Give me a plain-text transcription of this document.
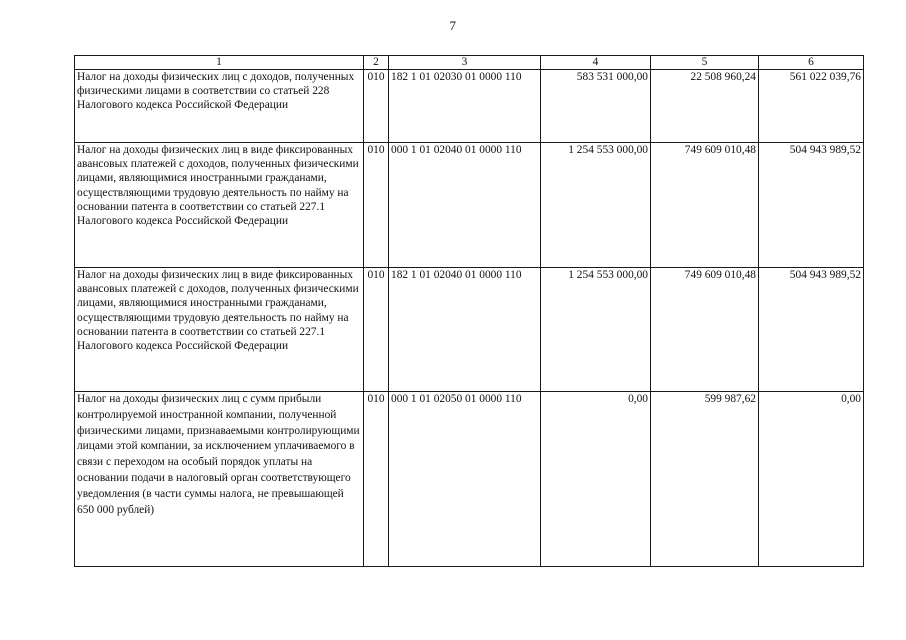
7
1	2	3	4	5	6
Налог на доходы физических лиц с доходов, полученных физическими лицами в соответствии со статьей 228 Налогового кодекса Российской Федерации	010	182 1 01 02030 01 0000 110	583 531 000,00	22 508 960,24	561 022 039,76
Налог на доходы физических лиц в виде фиксированных авансовых платежей с доходов, полученных физическими лицами, являющимися иностранными гражданами, осуществляющими трудовую деятельность по найму на основании патента в соответствии со статьей 227.1 Налогового кодекса Российской Федерации	010	000 1 01 02040 01 0000 110	1 254 553 000,00	749 609 010,48	504 943 989,52
Налог на доходы физических лиц в виде фиксированных авансовых платежей с доходов, полученных физическими лицами, являющимися иностранными гражданами, осуществляющими трудовую деятельность по найму на основании патента в соответствии со статьей 227.1 Налогового кодекса Российской Федерации	010	182 1 01 02040 01 0000 110	1 254 553 000,00	749 609 010,48	504 943 989,52
Налог на доходы физических лиц с сумм прибыли контролируемой иностранной компании, полученной физическими лицами, признаваемыми контролирующими лицами этой компании, за исключением уплачиваемого в связи с переходом на особый порядок уплаты на основании подачи в налоговый орган соответствующего уведомления (в части суммы налога, не превышающей 650 000 рублей)	010	000 1 01 02050 01 0000 110	0,00	599 987,62	0,00
